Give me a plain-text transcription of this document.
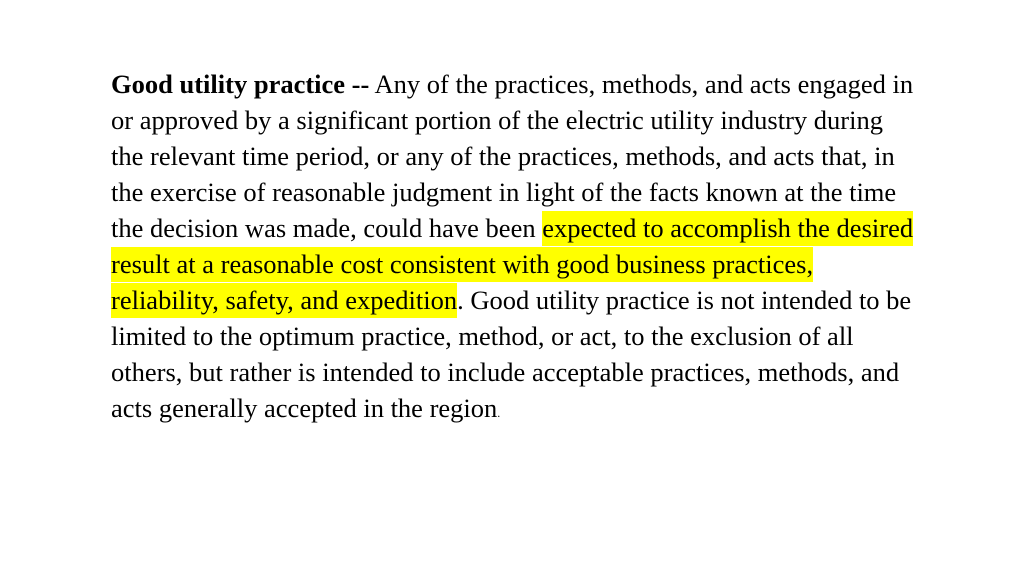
Good utility practice -- Any of the practices, methods, and acts engaged in or approved by a significant portion of the electric utility industry during the relevant time period, or any of the practices, methods, and acts that, in the exercise of reasonable judgment in light of the facts known at the time the decision was made, could have been expected to accomplish the desired result at a reasonable cost consistent with good business practices, reliability, safety, and expedition. Good utility practice is not intended to be limited to the optimum practice, method, or act, to the exclusion of all others, but rather is intended to include acceptable practices, methods, and acts generally accepted in the region.
